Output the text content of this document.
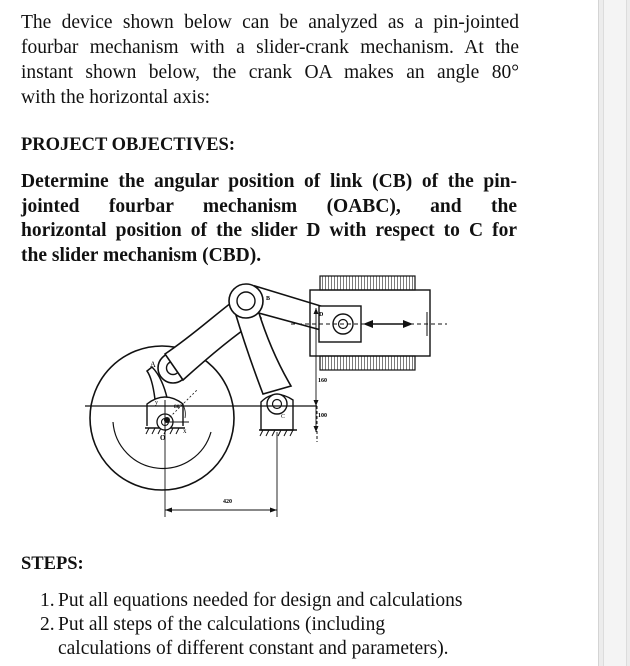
The device shown below can be analyzed as a pin-jointed
fourbar mechanism with a slider-crank mechanism. At the
instant shown below, the crank OA makes an angle 80°
with the horizontal axis:
PROJECT OBJECTIVES:
Determine the angular position of link (CB) of the pin-
jointed fourbar mechanism (OABC), and the
horizontal position of the slider D with respect to C for
the slider mechanism (CBD).
A
B
O
y
x
80°
C
D
160
100
420
STEPS:
1. Put all equations needed for design and calculations
2. Put all steps of the calculations (including
calculations of different constant and parameters).
